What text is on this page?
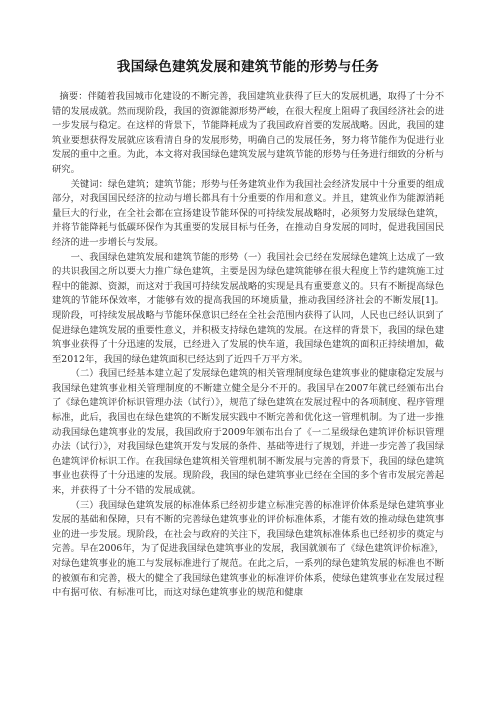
我国绿色建筑发展和建筑节能的形势与任务

摘要：伴随着我国城市化建设的不断完善，我国建筑业获得了巨大的发展机遇，取得了十分不错的发展成就。然而现阶段，我国的资源能源形势严峻，在很大程度上阻碍了我国经济社会的进一步发展与稳定。在这样的背景下，节能降耗成为了我国政府首要的发展战略。因此，我国的建筑业要想获得发展就应该看清自身的发展形势，明确自己的发展任务，努力将节能作为促进行业发展的重中之重。为此，本文将对我国绿色建筑发展与建筑节能的形势与任务进行细致的分析与研究。

关键词：绿色建筑；建筑节能；形势与任务建筑业作为我国社会经济发展中十分重要的组成部分，对我国国民经济的拉动与增长都具有十分重要的作用和意义。并且，建筑业作为能源消耗量巨大的行业，在全社会都在宣扬建设节能环保的可持续发展战略时，必须努力发展绿色建筑，并将节能降耗与低碳环保作为其重要的发展目标与任务，在推动自身发展的同时，促进我国国民经济的进一步增长与发展。

一、我国绿色建筑发展和建筑节能的形势（一）我国社会已经在发展绿色建筑上达成了一致的共识我国之所以要大力推广绿色建筑，主要是因为绿色建筑能够在很大程度上节约建筑施工过程中的能源、资源，而这对于我国可持续发展战略的实现是具有重要意义的。只有不断提高绿色建筑的节能环保效率，才能够有效的提高我国的环境质量，推动我国经济社会的不断发展[1]。现阶段，可持续发展战略与节能环保意识已经在全社会范围内获得了认同，人民也已经认识到了促进绿色建筑发展的重要性意义，并积极支持绿色建筑的发展。在这样的背景下，我国的绿色建筑事业获得了十分迅速的发展，已经进入了发展的快车道，我国绿色建筑的面积正持续增加，截至2012年，我国的绿色建筑面积已经达到了近四千万平方米。

（二）我国已经基本建立起了发展绿色建筑的相关管理制度绿色建筑事业的健康稳定发展与我国绿色建筑事业相关管理制度的不断建立健全是分不开的。我国早在2007年就已经颁布出台了《绿色建筑评价标识管理办法（试行）》，规范了绿色建筑在发展过程中的各项制度、程序管理标准，此后，我国也在绿色建筑的不断发展实践中不断完善和优化这一管理机制。为了进一步推动我国绿色建筑事业的发展，我国政府于2009年颁布出台了《一二星级绿色建筑评价标识管理办法（试行）》，对我国绿色建筑开发与发展的条件、基础等进行了规划，并进一步完善了我国绿色建筑评价标识工作。在我国绿色建筑相关管理机制不断发展与完善的背景下，我国的绿色建筑事业也获得了十分迅速的发展。现阶段，我国的绿色建筑事业已经在全国的多个省市发展完善起来，并获得了十分不错的发展成就。

（三）我国绿色建筑发展的标准体系已经初步建立标准完善的标准评价体系是绿色建筑事业发展的基础和保障，只有不断的完善绿色建筑事业的评价标准体系，才能有效的推动绿色建筑事业的进一步发展。现阶段，在社会与政府的关注下，我国绿色建筑标准体系也已经初步的奠定与完善。早在2006年，为了促进我国绿色建筑事业的发展，我国就颁布了《绿色建筑评价标准》，对绿色建筑事业的施工与发展标准进行了规范。在此之后，一系列的绿色建筑发展的标准也不断的被颁布和完善，极大的健全了我国绿色建筑事业的标准评价体系，使绿色建筑事业在发展过程中有据可依、有标准可比，而这对绿色建筑事业的规范和健康
